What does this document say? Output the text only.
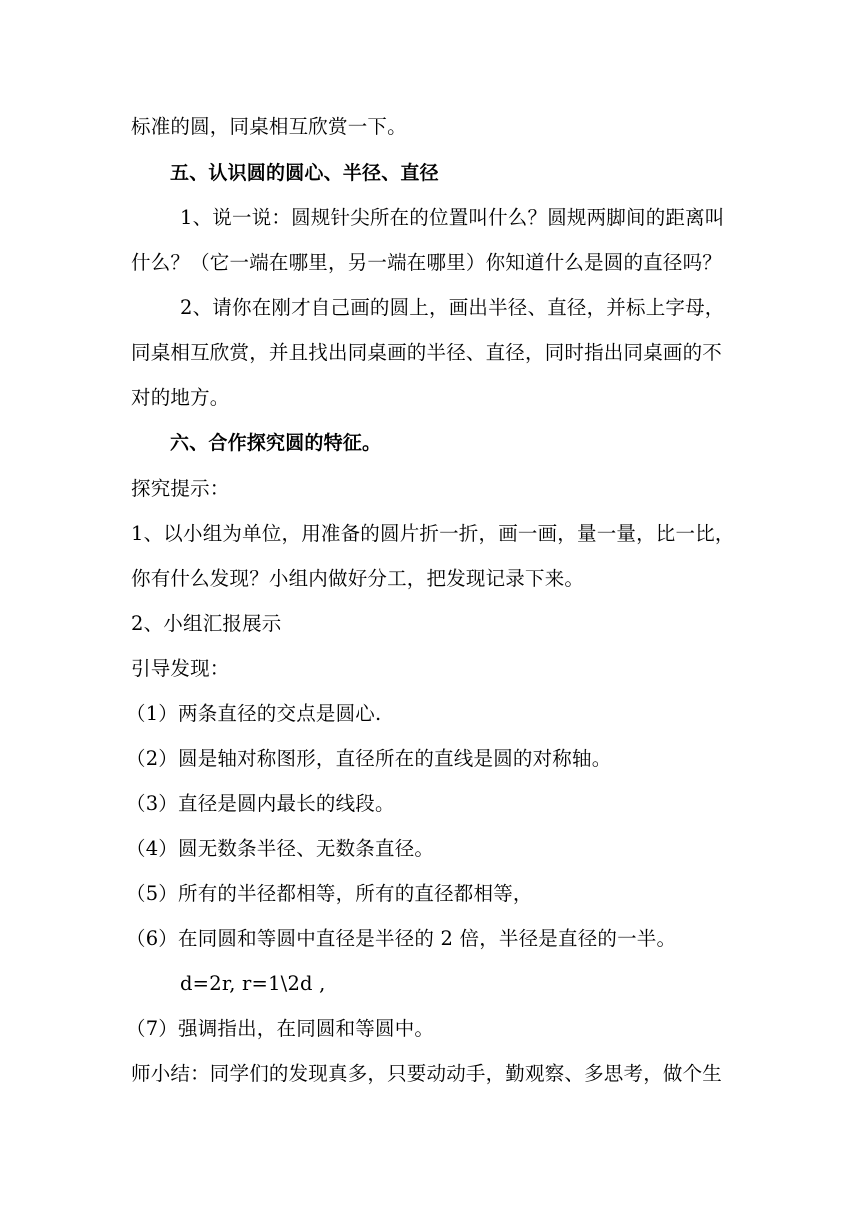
标准的圆，同桌相互欣赏一下。
五、认识圆的圆心、半径、直径
1、说一说：圆规针尖所在的位置叫什么？圆规两脚间的距离叫
什么？（它一端在哪里，另一端在哪里）你知道什么是圆的直径吗？
2、请你在刚才自己画的圆上，画出半径、直径，并标上字母，
同桌相互欣赏，并且找出同桌画的半径、直径，同时指出同桌画的不
对的地方。
六、合作探究圆的特征。
探究提示：
1、以小组为单位，用准备的圆片折一折，画一画，量一量，比一比，
你有什么发现？小组内做好分工，把发现记录下来。
2、小组汇报展示
引导发现：
（1）两条直径的交点是圆心.
（2）圆是轴对称图形，直径所在的直线是圆的对称轴。
（3）直径是圆内最长的线段。
（4）圆无数条半径、无数条直径。
（5）所有的半径都相等，所有的直径都相等，
（6）在同圆和等圆中直径是半径的 2 倍，半径是直径的一半。
d=2r, r=1\2d ,
（7）强调指出，在同圆和等圆中。
师小结：同学们的发现真多，只要动动手，勤观察、多思考，做个生
